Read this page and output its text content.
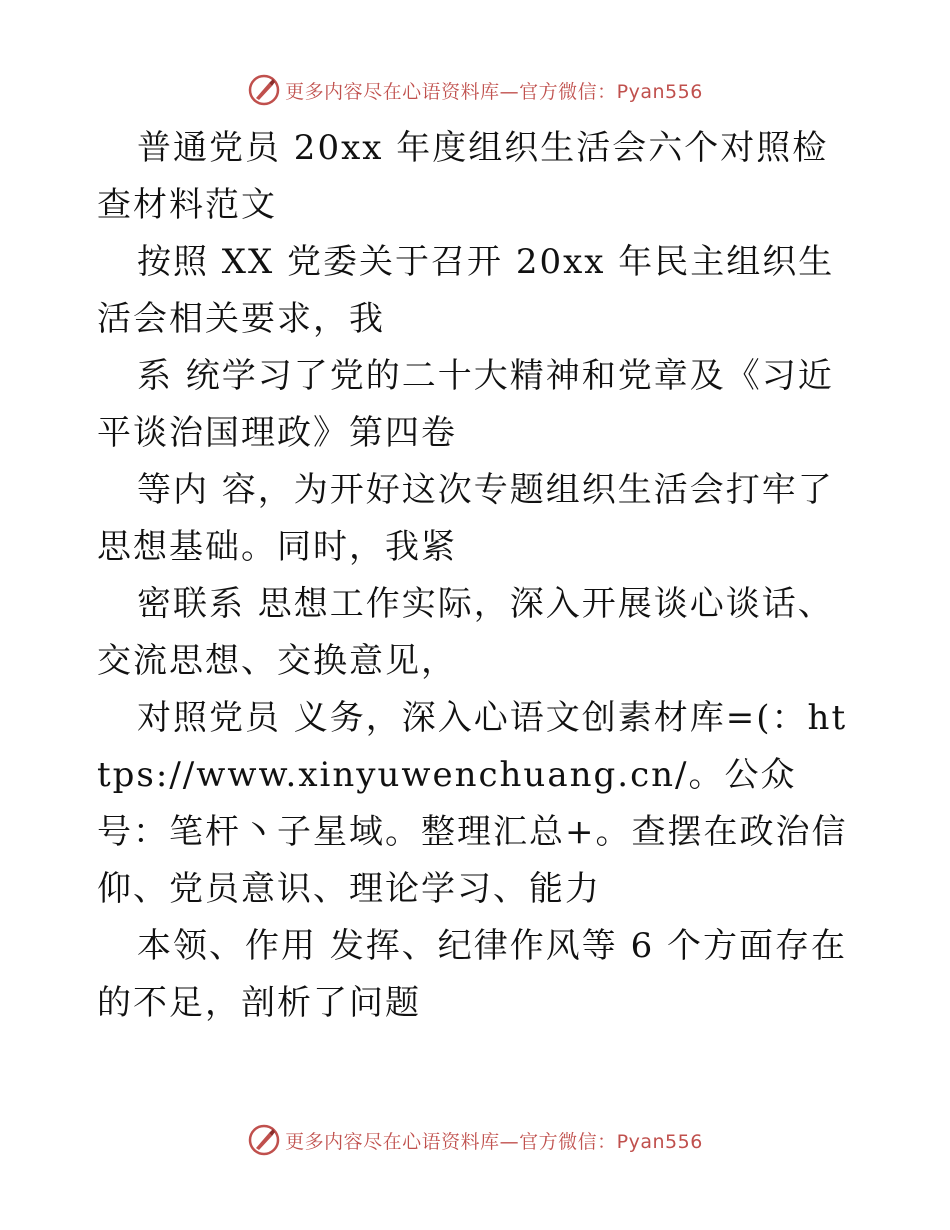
更多内容尽在心语资料库—官方微信：Pyan556

普通党员 20xx 年度组织生活会六个对照检查材料范文

按照 XX 党委关于召开 20xx 年民主组织生活会相关要求，我

系 统学习了党的二十大精神和党章及《习近平谈治国理政》第四卷

等内 容，为开好这次专题组织生活会打牢了思想基础。同时，我紧

密联系 思想工作实际，深入开展谈心谈话、交流思想、交换意见，

对照党员 义务，深入心语文创素材库=(：https://www.xinyuwenchuang.cn/。公众号：笔杆丶子星域。整理汇总+。查摆在政治信仰、党员意识、理论学习、能力

本领、作用 发挥、纪律作风等 6 个方面存在的不足，剖析了问题

更多内容尽在心语资料库—官方微信：Pyan556
